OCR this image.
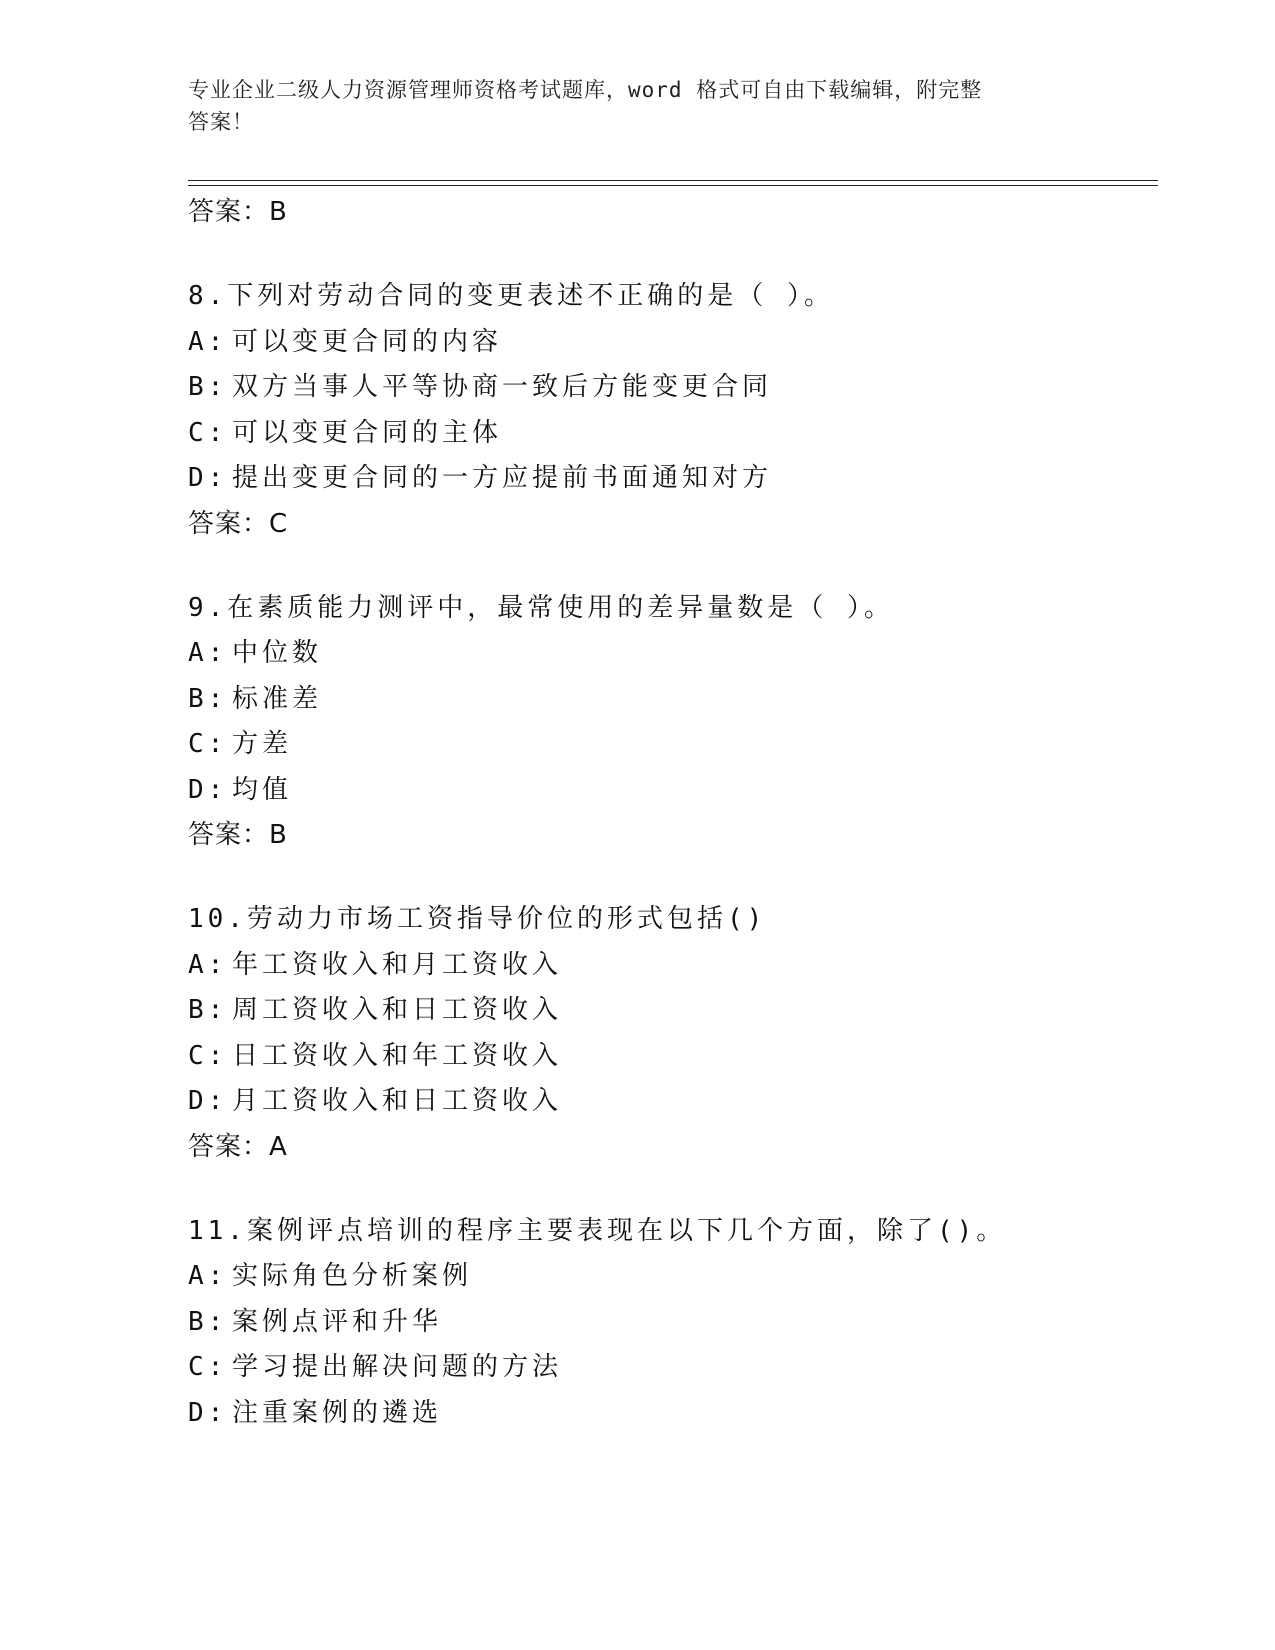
专业企业二级人力资源管理师资格考试题库，word 格式可自由下载编辑，附完整
答案！
答案：B
8.下列对劳动合同的变更表述不正确的是（ ）。
A: 可以变更合同的内容
B: 双方当事人平等协商一致后方能变更合同
C: 可以变更合同的主体
D: 提出变更合同的一方应提前书面通知对方
答案：C
9.在素质能力测评中，最常使用的差异量数是（ ）。
A: 中位数
B: 标准差
C: 方差
D: 均值
答案：B
10.劳动力市场工资指导价位的形式包括()
A: 年工资收入和月工资收入
B: 周工资收入和日工资收入
C: 日工资收入和年工资收入
D: 月工资收入和日工资收入
答案：A
11.案例评点培训的程序主要表现在以下几个方面，除了()。
A: 实际角色分析案例
B: 案例点评和升华
C: 学习提出解决问题的方法
D: 注重案例的遴选
